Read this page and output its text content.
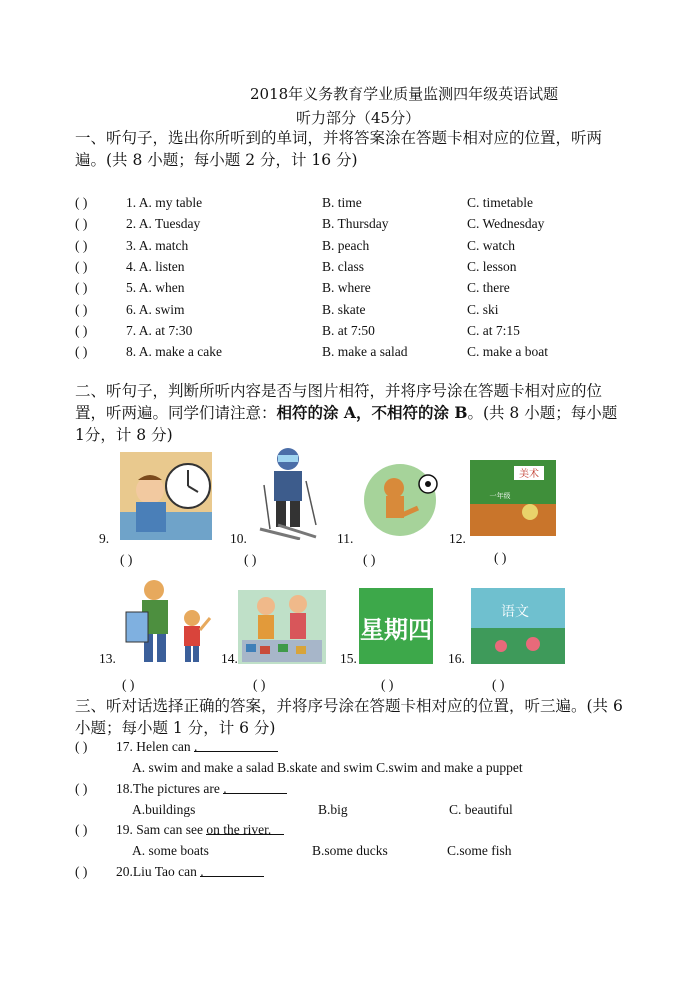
2018年义务教育学业质量监测四年级英语试题
听力部分（45分）
一、听句子，选出你所听到的单词，并将答案涂在答题卡相对应的位置，听两遍。(共 8 小题；每小题 2 分，计 16 分)
( )	1. A. my table	B. time	C. timetable
( )	2. A. Tuesday	B. Thursday	C. Wednesday
( )	3. A. match	B. peach	C. watch
( )	4. A. listen	B. class	C. lesson
( )	5. A. when	B. where	C. there
( )	6. A. swim	B. skate	C. ski
( )	7. A. at 7:30	B. at 7:50	C. at 7:15
( )	8. A. make a cake	B. make a salad	C. make a boat
二、听句子，判断所听内容是否与图片相符，并将序号涂在答题卡相对应的位置，听两遍。同学们请注意：相符的涂 A，不相符的涂 B。(共 8 小题；每小题 1分，计 8 分)
美术
一年级
9.	10.	11.	12.
( )	( )	( )	( )
星期四
语文
13.	14.	15.	16.
( )	( )	( )	( )
三、听对话选择正确的答案，并将序号涂在答题卡相对应的位置，听三遍。(共 6 小题；每小题 1 分，计 6 分)
( ) 17. Helen can .
A. swim and make a salad B.skate and swim C.swim and make a puppet
( ) 18.The pictures are .
A.buildings	B.big	C. beautiful
( ) 19. Sam can see on the river.
A. some boats	B.some ducks	C.some fish
( ) 20.Liu Tao can .
